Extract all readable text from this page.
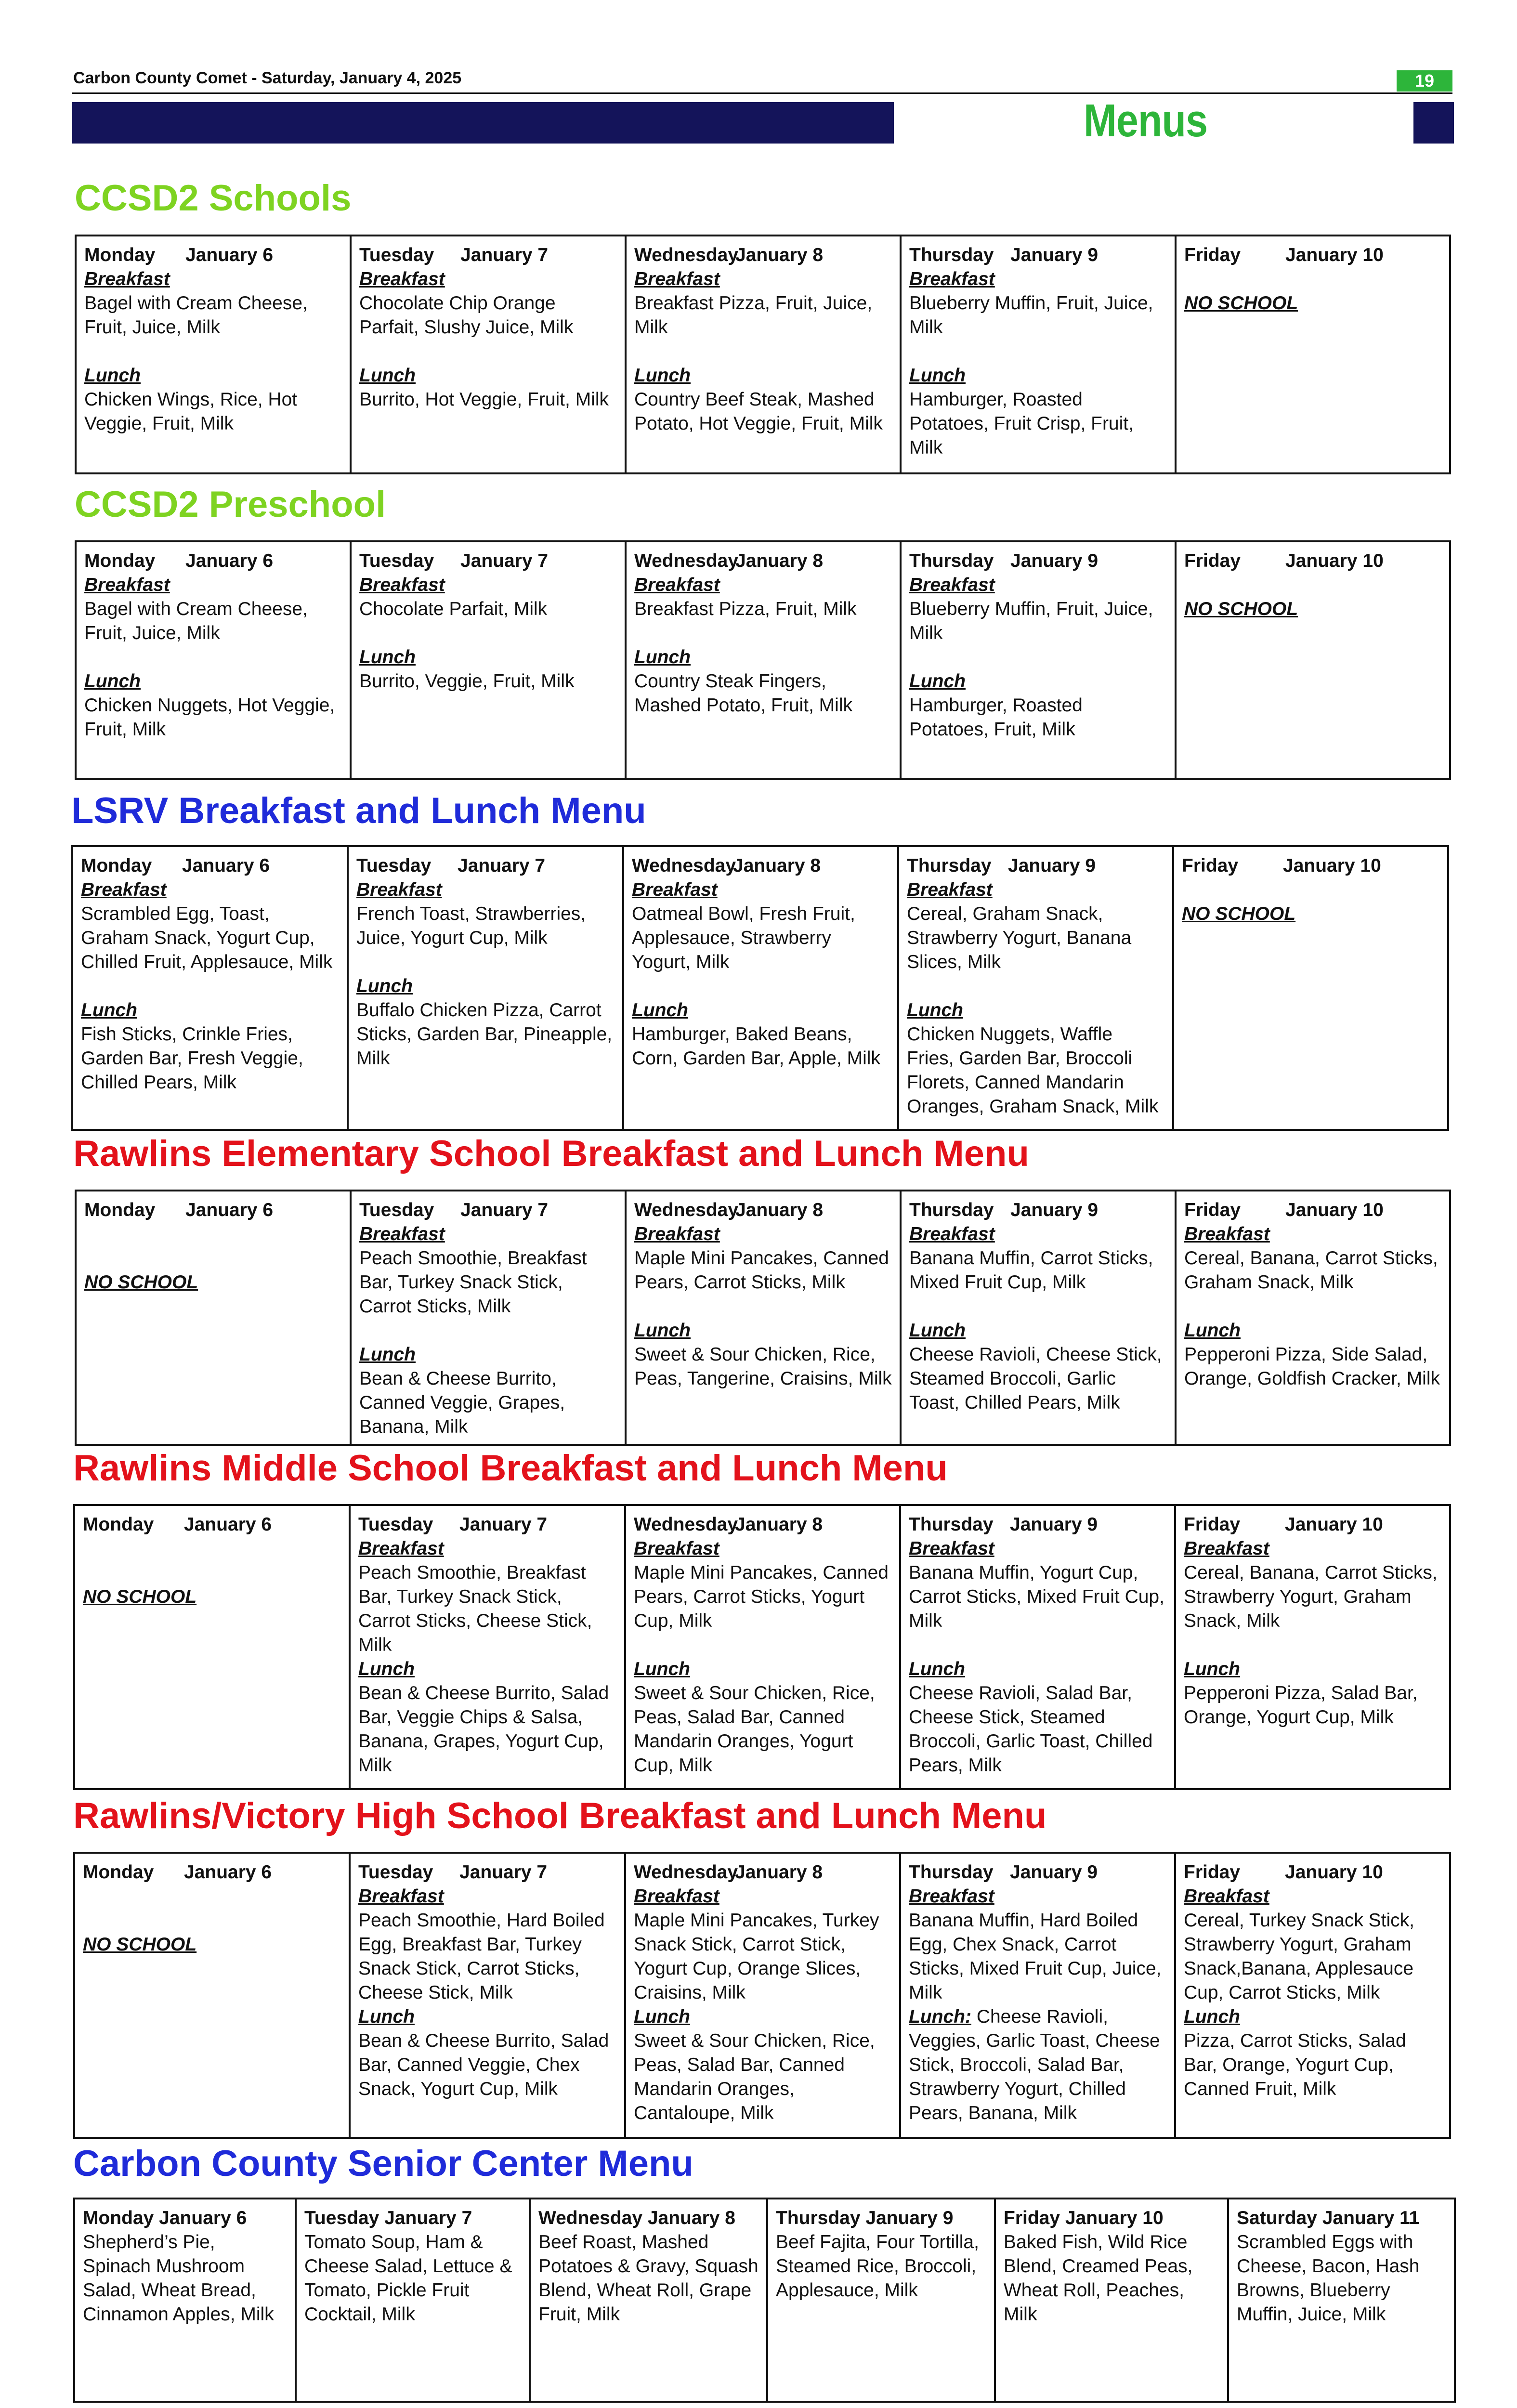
Carbon County Comet - Saturday, January 4, 2025	19
Menus
CCSD2 Schools
Monday January 6
Breakfast
Bagel with Cream Cheese, Fruit, Juice, Milk
Lunch
Chicken Wings, Rice, Hot Veggie, Fruit, Milk

Tuesday January 7
Breakfast
Chocolate Chip Orange Parfait, Slushy Juice, Milk
Lunch
Burrito, Hot Veggie, Fruit, Milk

WednesdayJanuary 8
Breakfast
Breakfast Pizza, Fruit, Juice, Milk
Lunch
Country Beef Steak, Mashed Potato, Hot Veggie, Fruit, Milk

Thursday January 9
Breakfast
Blueberry Muffin, Fruit, Juice, Milk
Lunch
Hamburger, Roasted Potatoes, Fruit Crisp, Fruit, Milk

Friday January 10
NO SCHOOL
CCSD2 Preschool
Monday January 6
Breakfast
Bagel with Cream Cheese, Fruit, Juice, Milk
Lunch
Chicken Nuggets, Hot Veggie, Fruit, Milk

Tuesday January 7
Breakfast
Chocolate Parfait, Milk
Lunch
Burrito, Veggie, Fruit, Milk

WednesdayJanuary 8
Breakfast
Breakfast Pizza, Fruit, Milk
Lunch
Country Steak Fingers, Mashed Potato, Fruit, Milk

Thursday January 9
Breakfast
Blueberry Muffin, Fruit, Juice, Milk
Lunch
Hamburger, Roasted Potatoes, Fruit, Milk

Friday January 10
NO SCHOOL
LSRV Breakfast and Lunch Menu
Monday January 6
Breakfast
Scrambled Egg, Toast, Graham Snack, Yogurt Cup, Chilled Fruit, Applesauce, Milk
Lunch
Fish Sticks, Crinkle Fries, Garden Bar, Fresh Veggie, Chilled Pears, Milk

Tuesday January 7
Breakfast
French Toast, Strawberries, Juice, Yogurt Cup, Milk
Lunch
Buffalo Chicken Pizza, Carrot Sticks, Garden Bar, Pineapple, Milk

WednesdayJanuary 8
Breakfast
Oatmeal Bowl, Fresh Fruit, Applesauce, Strawberry Yogurt, Milk
Lunch
Hamburger, Baked Beans, Corn, Garden Bar, Apple, Milk

Thursday January 9
Breakfast
Cereal, Graham Snack, Strawberry Yogurt, Banana Slices, Milk
Lunch
Chicken Nuggets, Waffle Fries, Garden Bar, Broccoli Florets, Canned Mandarin Oranges, Graham Snack, Milk

Friday January 10
NO SCHOOL
Rawlins Elementary School Breakfast and Lunch Menu
Monday January 6
NO SCHOOL

Tuesday January 7
Breakfast
Peach Smoothie, Breakfast Bar, Turkey Snack Stick, Carrot Sticks, Milk
Lunch
Bean & Cheese Burrito, Canned Veggie, Grapes, Banana, Milk

WednesdayJanuary 8
Breakfast
Maple Mini Pancakes, Canned Pears, Carrot Sticks, Milk
Lunch
Sweet & Sour Chicken, Rice, Peas, Tangerine, Craisins, Milk

Thursday January 9
Breakfast
Banana Muffin, Carrot Sticks, Mixed Fruit Cup, Milk
Lunch
Cheese Ravioli, Cheese Stick, Steamed Broccoli, Garlic Toast, Chilled Pears, Milk

Friday January 10
Breakfast
Cereal, Banana, Carrot Sticks, Graham Snack, Milk
Lunch
Pepperoni Pizza, Side Salad, Orange, Goldfish Cracker, Milk
Rawlins Middle School Breakfast and Lunch Menu
Monday January 6
NO SCHOOL

Tuesday January 7
Breakfast
Peach Smoothie, Breakfast Bar, Turkey Snack Stick, Carrot Sticks, Cheese Stick, Milk
Lunch
Bean & Cheese Burrito, Salad Bar, Veggie Chips & Salsa, Banana, Grapes, Yogurt Cup, Milk

WednesdayJanuary 8
Breakfast
Maple Mini Pancakes, Canned Pears, Carrot Sticks, Yogurt Cup, Milk
Lunch
Sweet & Sour Chicken, Rice, Peas, Salad Bar, Canned Mandarin Oranges, Yogurt Cup, Milk

Thursday January 9
Breakfast
Banana Muffin, Yogurt Cup, Carrot Sticks, Mixed Fruit Cup, Milk
Lunch
Cheese Ravioli, Salad Bar, Cheese Stick, Steamed Broccoli, Garlic Toast, Chilled Pears, Milk

Friday January 10
Breakfast
Cereal, Banana, Carrot Sticks, Strawberry Yogurt, Graham Snack, Milk
Lunch
Pepperoni Pizza, Salad Bar, Orange, Yogurt Cup, Milk
Rawlins/Victory High School Breakfast and Lunch Menu
Monday January 6
NO SCHOOL

Tuesday January 7
Breakfast
Peach Smoothie, Hard Boiled Egg, Breakfast Bar, Turkey Snack Stick, Carrot Sticks, Cheese Stick, Milk
Lunch
Bean & Cheese Burrito, Salad Bar, Canned Veggie, Chex Snack, Yogurt Cup, Milk

WednesdayJanuary 8
Breakfast
Maple Mini Pancakes, Turkey Snack Stick, Carrot Stick, Yogurt Cup, Orange Slices, Craisins, Milk
Lunch
Sweet & Sour Chicken, Rice, Peas, Salad Bar, Canned Mandarin Oranges, Cantaloupe, Milk

Thursday January 9
Breakfast
Banana Muffin, Hard Boiled Egg, Chex Snack, Carrot Sticks, Mixed Fruit Cup, Juice, Milk
Lunch: Cheese Ravioli, Veggies, Garlic Toast, Cheese Stick, Broccoli, Salad Bar, Strawberry Yogurt, Chilled Pears, Banana, Milk

Friday January 10
Breakfast
Cereal, Turkey Snack Stick, Strawberry Yogurt, Graham Snack,Banana, Applesauce Cup, Carrot Sticks, Milk
Lunch
Pizza, Carrot Sticks, Salad Bar, Orange, Yogurt Cup, Canned Fruit, Milk
Carbon County Senior Center Menu
Monday January 6
Shepherd’s Pie, Spinach Mushroom Salad, Wheat Bread, Cinnamon Apples, Milk

Tuesday January 7
Tomato Soup, Ham & Cheese Salad, Lettuce & Tomato, Pickle Fruit Cocktail, Milk

Wednesday January 8
Beef Roast, Mashed Potatoes & Gravy, Squash Blend, Wheat Roll, Grape Fruit, Milk

Thursday January 9
Beef Fajita, Four Tortilla, Steamed Rice, Broccoli, Applesauce, Milk

Friday January 10
Baked Fish, Wild Rice Blend, Creamed Peas, Wheat Roll, Peaches, Milk

Saturday January 11
Scrambled Eggs with Cheese, Bacon, Hash Browns, Blueberry Muffin, Juice, Milk
